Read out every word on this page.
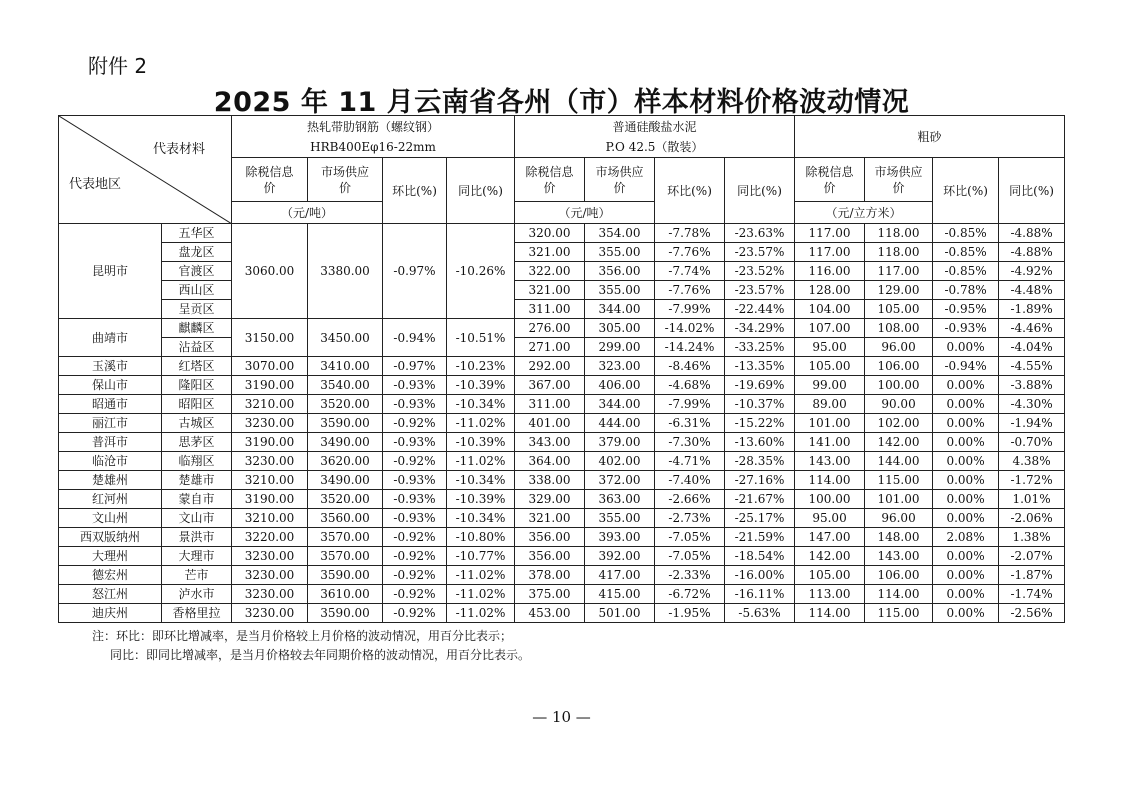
附件 2
2025 年 11 月云南省各州（市）样本材料价格波动情况
代表材料
代表地区		热轧带肋钢筋（螺纹钢）				普通硅酸盐水泥				粗砂			
		HRB400Eφ16-22mm				P.O 42.5（散装）							
		除税信息价	市场供应价	环比(%)	同比(%)	除税信息价	市场供应价	环比(%)	同比(%)	除税信息价	市场供应价	环比(%)	同比(%)

		（元/吨）				（元/吨）				（元/立方米）			
昆明市	五华区	3060.00	3380.00	-0.97%	-10.26%	320.00	354.00	-7.78%	-23.63%	117.00	118.00	-0.85%	-4.88%
	盘龙区					321.00	355.00	-7.76%	-23.57%	117.00	118.00	-0.85%	-4.88%
	官渡区					322.00	356.00	-7.74%	-23.52%	116.00	117.00	-0.85%	-4.92%
	西山区					321.00	355.00	-7.76%	-23.57%	128.00	129.00	-0.78%	-4.48%
	呈贡区					311.00	344.00	-7.99%	-22.44%	104.00	105.00	-0.95%	-1.89%
曲靖市	麒麟区	3150.00	3450.00	-0.94%	-10.51%	276.00	305.00	-14.02%	-34.29%	107.00	108.00	-0.93%	-4.46%
	沾益区					271.00	299.00	-14.24%	-33.25%	95.00	96.00	0.00%	-4.04%
玉溪市	红塔区	3070.00	3410.00	-0.97%	-10.23%	292.00	323.00	-8.46%	-13.35%	105.00	106.00	-0.94%	-4.55%
保山市	隆阳区	3190.00	3540.00	-0.93%	-10.39%	367.00	406.00	-4.68%	-19.69%	99.00	100.00	0.00%	-3.88%
昭通市	昭阳区	3210.00	3520.00	-0.93%	-10.34%	311.00	344.00	-7.99%	-10.37%	89.00	90.00	0.00%	-4.30%
丽江市	古城区	3230.00	3590.00	-0.92%	-11.02%	401.00	444.00	-6.31%	-15.22%	101.00	102.00	0.00%	-1.94%
普洱市	思茅区	3190.00	3490.00	-0.93%	-10.39%	343.00	379.00	-7.30%	-13.60%	141.00	142.00	0.00%	-0.70%
临沧市	临翔区	3230.00	3620.00	-0.92%	-11.02%	364.00	402.00	-4.71%	-28.35%	143.00	144.00	0.00%	4.38%
楚雄州	楚雄市	3210.00	3490.00	-0.93%	-10.34%	338.00	372.00	-7.40%	-27.16%	114.00	115.00	0.00%	-1.72%
红河州	蒙自市	3190.00	3520.00	-0.93%	-10.39%	329.00	363.00	-2.66%	-21.67%	100.00	101.00	0.00%	1.01%
文山州	文山市	3210.00	3560.00	-0.93%	-10.34%	321.00	355.00	-2.73%	-25.17%	95.00	96.00	0.00%	-2.06%
西双版纳州	景洪市	3220.00	3570.00	-0.92%	-10.80%	356.00	393.00	-7.05%	-21.59%	147.00	148.00	2.08%	1.38%
大理州	大理市	3230.00	3570.00	-0.92%	-10.77%	356.00	392.00	-7.05%	-18.54%	142.00	143.00	0.00%	-2.07%
德宏州	芒市	3230.00	3590.00	-0.92%	-11.02%	378.00	417.00	-2.33%	-16.00%	105.00	106.00	0.00%	-1.87%
怒江州	泸水市	3230.00	3610.00	-0.92%	-11.02%	375.00	415.00	-6.72%	-16.11%	113.00	114.00	0.00%	-1.74%
迪庆州	香格里拉	3230.00	3590.00	-0.92%	-11.02%	453.00	501.00	-1.95%	-5.63%	114.00	115.00	0.00%	-2.56%
注：环比：即环比增减率，是当月价格较上月价格的波动情况，用百分比表示；
同比：即同比增减率，是当月价格较去年同期价格的波动情况，用百分比表示。
— 10 —
